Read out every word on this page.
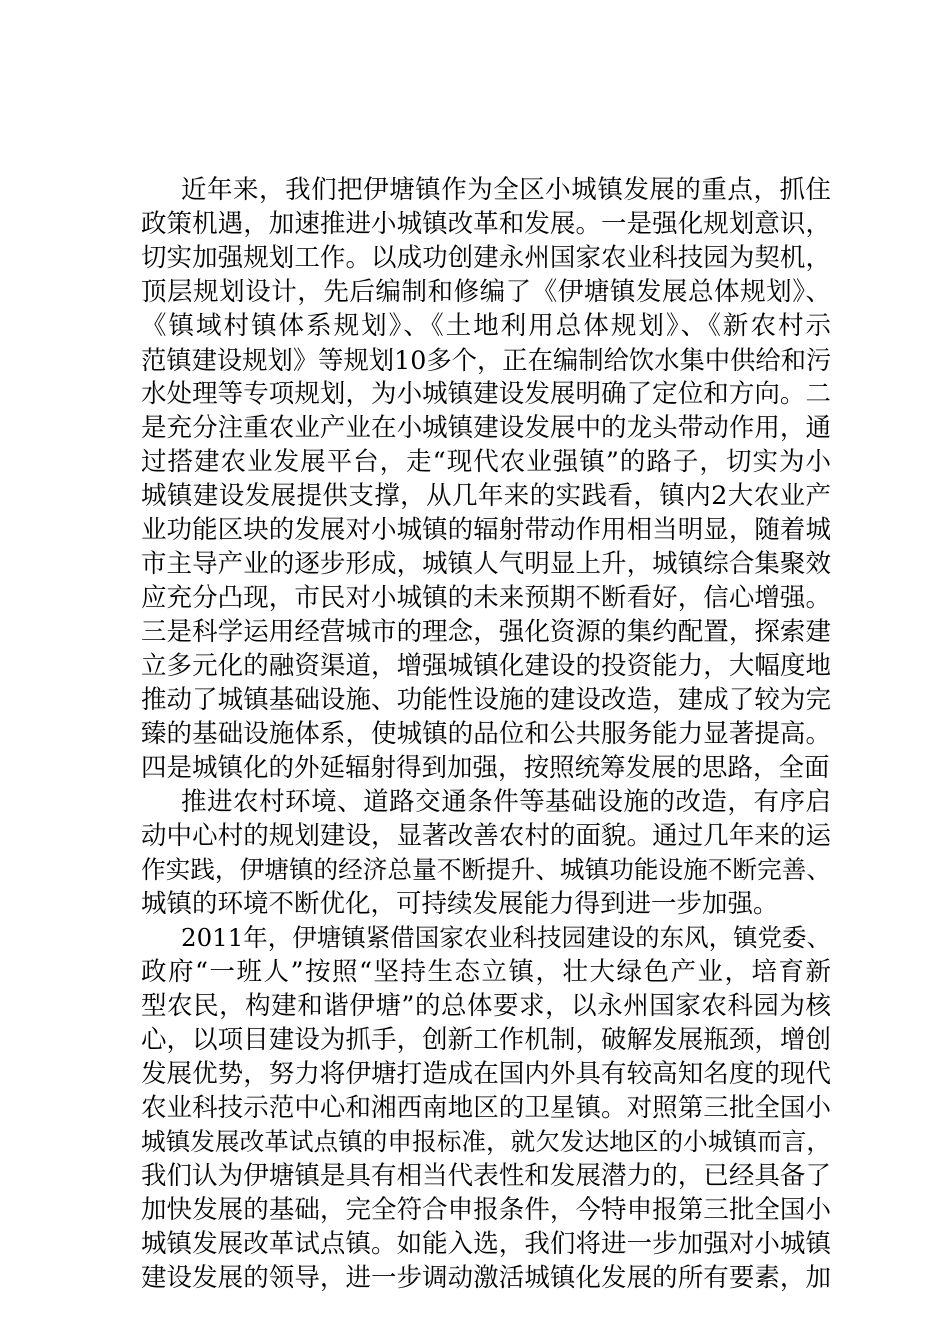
近年来，我们把伊塘镇作为全区小城镇发展的重点，抓住
政策机遇，加速推进小城镇改革和发展。一是强化规划意识，
切实加强规划工作。以成功创建永州国家农业科技园为契机，
顶层规划设计，先后编制和修编了《伊塘镇发展总体规划》、
《镇域村镇体系规划》、《土地利用总体规划》、《新农村示
范镇建设规划》等规划10多个，正在编制给饮水集中供给和污
水处理等专项规划，为小城镇建设发展明确了定位和方向。二
是充分注重农业产业在小城镇建设发展中的龙头带动作用，通
过搭建农业发展平台，走“现代农业强镇”的路子，切实为小
城镇建设发展提供支撑，从几年来的实践看，镇内2大农业产
业功能区块的发展对小城镇的辐射带动作用相当明显，随着城
市主导产业的逐步形成，城镇人气明显上升，城镇综合集聚效
应充分凸现，市民对小城镇的未来预期不断看好，信心增强。
三是科学运用经营城市的理念，强化资源的集约配置，探索建
立多元化的融资渠道，增强城镇化建设的投资能力，大幅度地
推动了城镇基础设施、功能性设施的建设改造，建成了较为完
臻的基础设施体系，使城镇的品位和公共服务能力显著提高。
四是城镇化的外延辐射得到加强，按照统筹发展的思路，全面
推进农村环境、道路交通条件等基础设施的改造，有序启
动中心村的规划建设，显著改善农村的面貌。通过几年来的运
作实践，伊塘镇的经济总量不断提升、城镇功能设施不断完善、
城镇的环境不断优化，可持续发展能力得到进一步加强。
2011年，伊塘镇紧借国家农业科技园建设的东风，镇党委、
政府“一班人”按照“坚持生态立镇，壮大绿色产业，培育新
型农民，构建和谐伊塘”的总体要求，以永州国家农科园为核
心，以项目建设为抓手，创新工作机制，破解发展瓶颈，增创
发展优势，努力将伊塘打造成在国内外具有较高知名度的现代
农业科技示范中心和湘西南地区的卫星镇。对照第三批全国小
城镇发展改革试点镇的申报标准，就欠发达地区的小城镇而言，
我们认为伊塘镇是具有相当代表性和发展潜力的，已经具备了
加快发展的基础，完全符合申报条件，今特申报第三批全国小
城镇发展改革试点镇。如能入选，我们将进一步加强对小城镇
建设发展的领导，进一步调动激活城镇化发展的所有要素，加
